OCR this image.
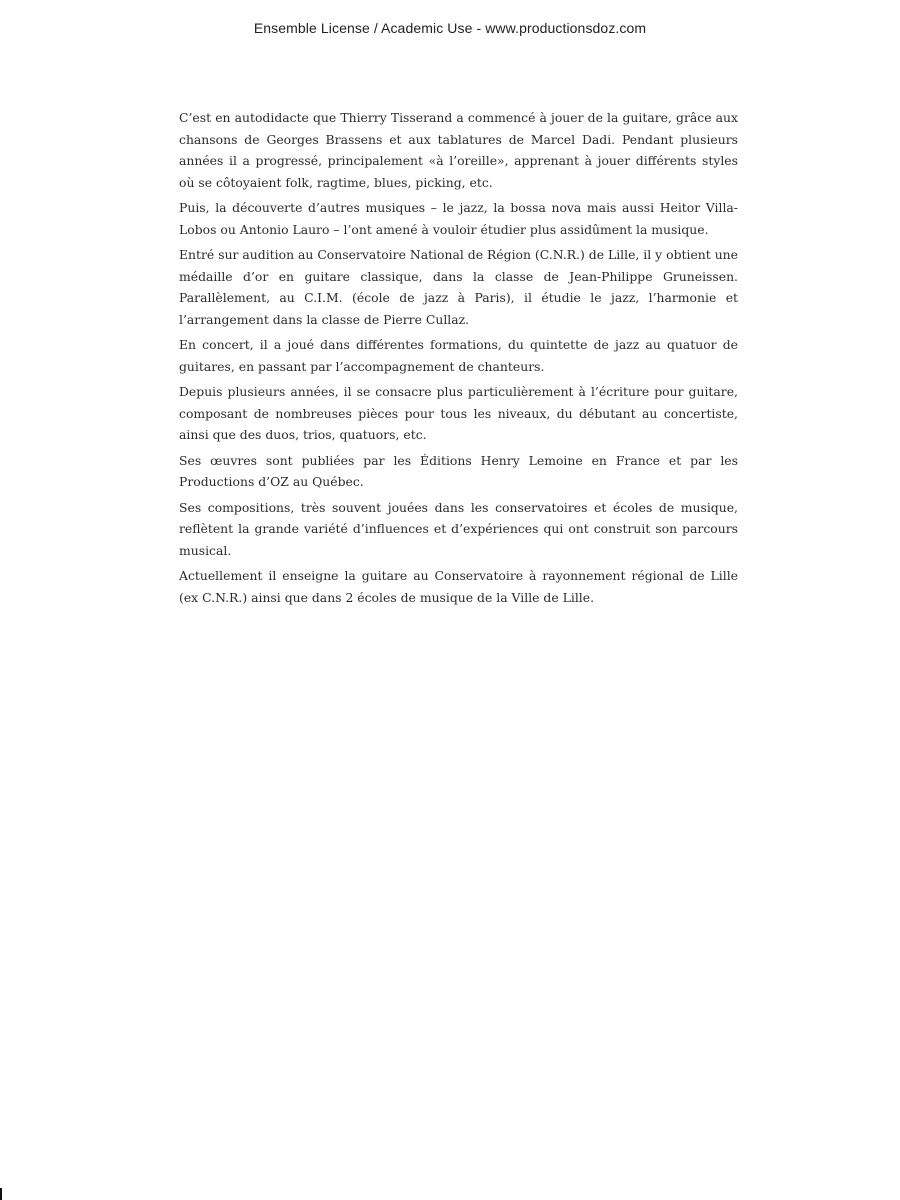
Ensemble License / Academic Use - www.productionsdoz.com

C’est en autodidacte que Thierry Tisserand a commencé à jouer de la guitare, grâce aux chansons de Georges Brassens et aux tablatures de Marcel Dadi. Pendant plusieurs années il a progressé, principalement «à l’oreille», apprenant à jouer différents styles où se côtoyaient folk, ragtime, blues, picking, etc.

Puis, la découverte d’autres musiques – le jazz, la bossa nova mais aussi Heitor Villa-Lobos ou Antonio Lauro – l’ont amené à vouloir étudier plus assidûment la musique.

Entré sur audition au Conservatoire National de Région (C.N.R.) de Lille, il y obtient une médaille d’or en guitare classique, dans la classe de Jean-Philippe Gruneissen. Parallèlement, au C.I.M. (école de jazz à Paris), il étudie le jazz, l’harmonie et l’arrangement dans la classe de Pierre Cullaz.

En concert, il a joué dans différentes formations, du quintette de jazz au quatuor de guitares, en passant par l’accompagnement de chanteurs.

Depuis plusieurs années, il se consacre plus particulièrement à l’écriture pour guitare, composant de nombreuses pièces pour tous les niveaux, du débutant au concertiste, ainsi que des duos, trios, quatuors, etc.

Ses œuvres sont publiées par les Éditions Henry Lemoine en France et par les Productions d’OZ au Québec.

Ses compositions, très souvent jouées dans les conservatoires et écoles de musique, reflètent la grande variété d’influences et d’expériences qui ont construit son parcours musical.

Actuellement il enseigne la guitare au Conservatoire à rayonnement régional de Lille (ex C.N.R.) ainsi que dans 2 écoles de musique de la Ville de Lille.
